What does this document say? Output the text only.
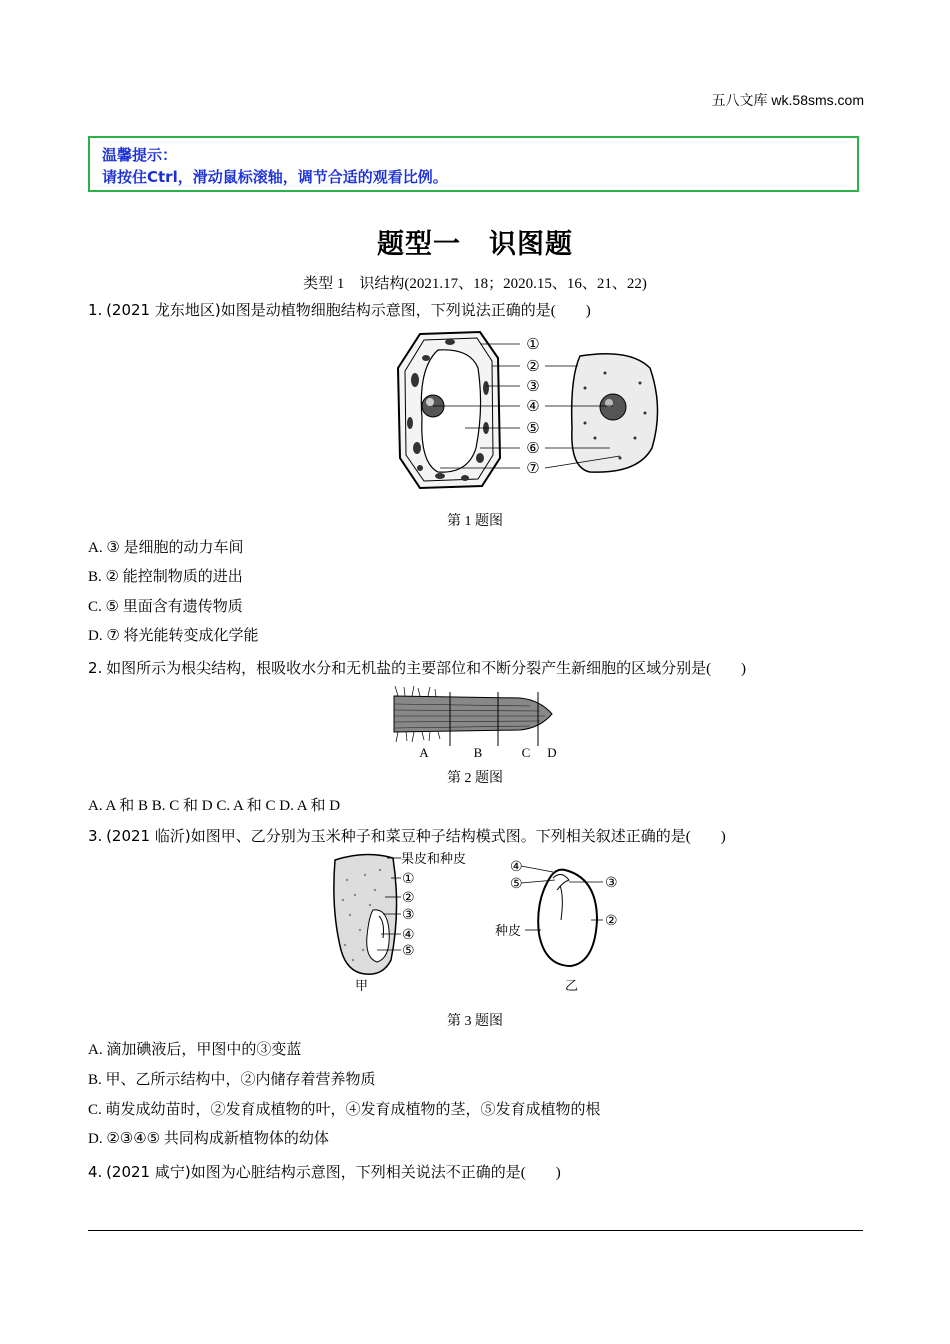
五八文库 wk.58sms.com
温馨提示：
请按住Ctrl，滑动鼠标滚轴，调节合适的观看比例。
题型一　识图题
类型 1　识结构(2021.17、18；2020.15、16、21、22)
1. (2021 龙东地区)如图是动植物细胞结构示意图，下列说法正确的是(　　)
①
②
③
④
⑤
⑥
⑦
第 1 题图
A. ③ 是细胞的动力车间
B. ② 能控制物质的进出
C. ⑤ 里面含有遗传物质
D. ⑦ 将光能转变成化学能
2. 如图所示为根尖结构，根吸收水分和无机盐的主要部位和不断分裂产生新细胞的区域分别是(　　)
A	B	C D
第 2 题图
A. A 和 B B. C 和 D C. A 和 C D. A 和 D
3. (2021 临沂)如图甲、乙分别为玉米种子和菜豆种子结构模式图。下列相关叙述正确的是(　　)
果皮和种皮
①
②
③
④
⑤
甲
④
⑤	③
②
种皮
乙
第 3 题图
A. 滴加碘液后，甲图中的③变蓝
B. 甲、乙所示结构中，②内储存着营养物质
C. 萌发成幼苗时，②发育成植物的叶，④发育成植物的茎，⑤发育成植物的根
D. ②③④⑤ 共同构成新植物体的幼体
4. (2021 咸宁)如图为心脏结构示意图，下列相关说法不正确的是(　　)
